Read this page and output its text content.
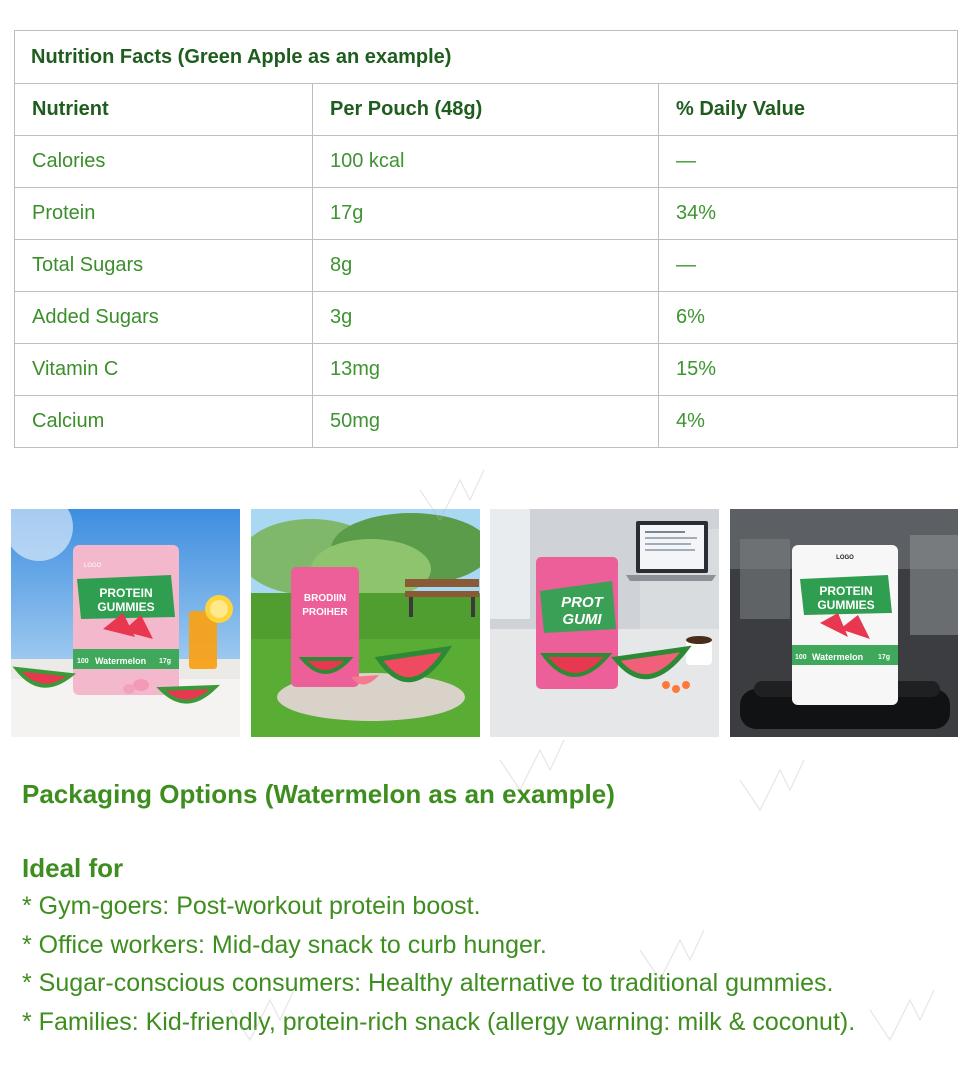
Nutrition Facts (Green Apple as an example)		
Nutrient	Per Pouch (48g)	% Daily Value
Calories	100 kcal	—
Protein	17g	34%
Total Sugars	8g	—
Added Sugars	3g	6%
Vitamin C	13mg	15%
Calcium	50mg	4%
LOGO
PROTEIN
GUMMIES
100 Watermelon 17g
BRODIIN
PROIHER
PROT
GUMI
LOGO
PROTEIN
GUMMIES
100 Watermelon 17g
Packaging Options (Watermelon as an example)
Ideal for
* Gym-goers: Post-workout protein boost.
* Office workers: Mid-day snack to curb hunger.
* Sugar-conscious consumers: Healthy alternative to traditional gummies.
* Families: Kid-friendly, protein-rich snack (allergy warning: milk & coconut).
